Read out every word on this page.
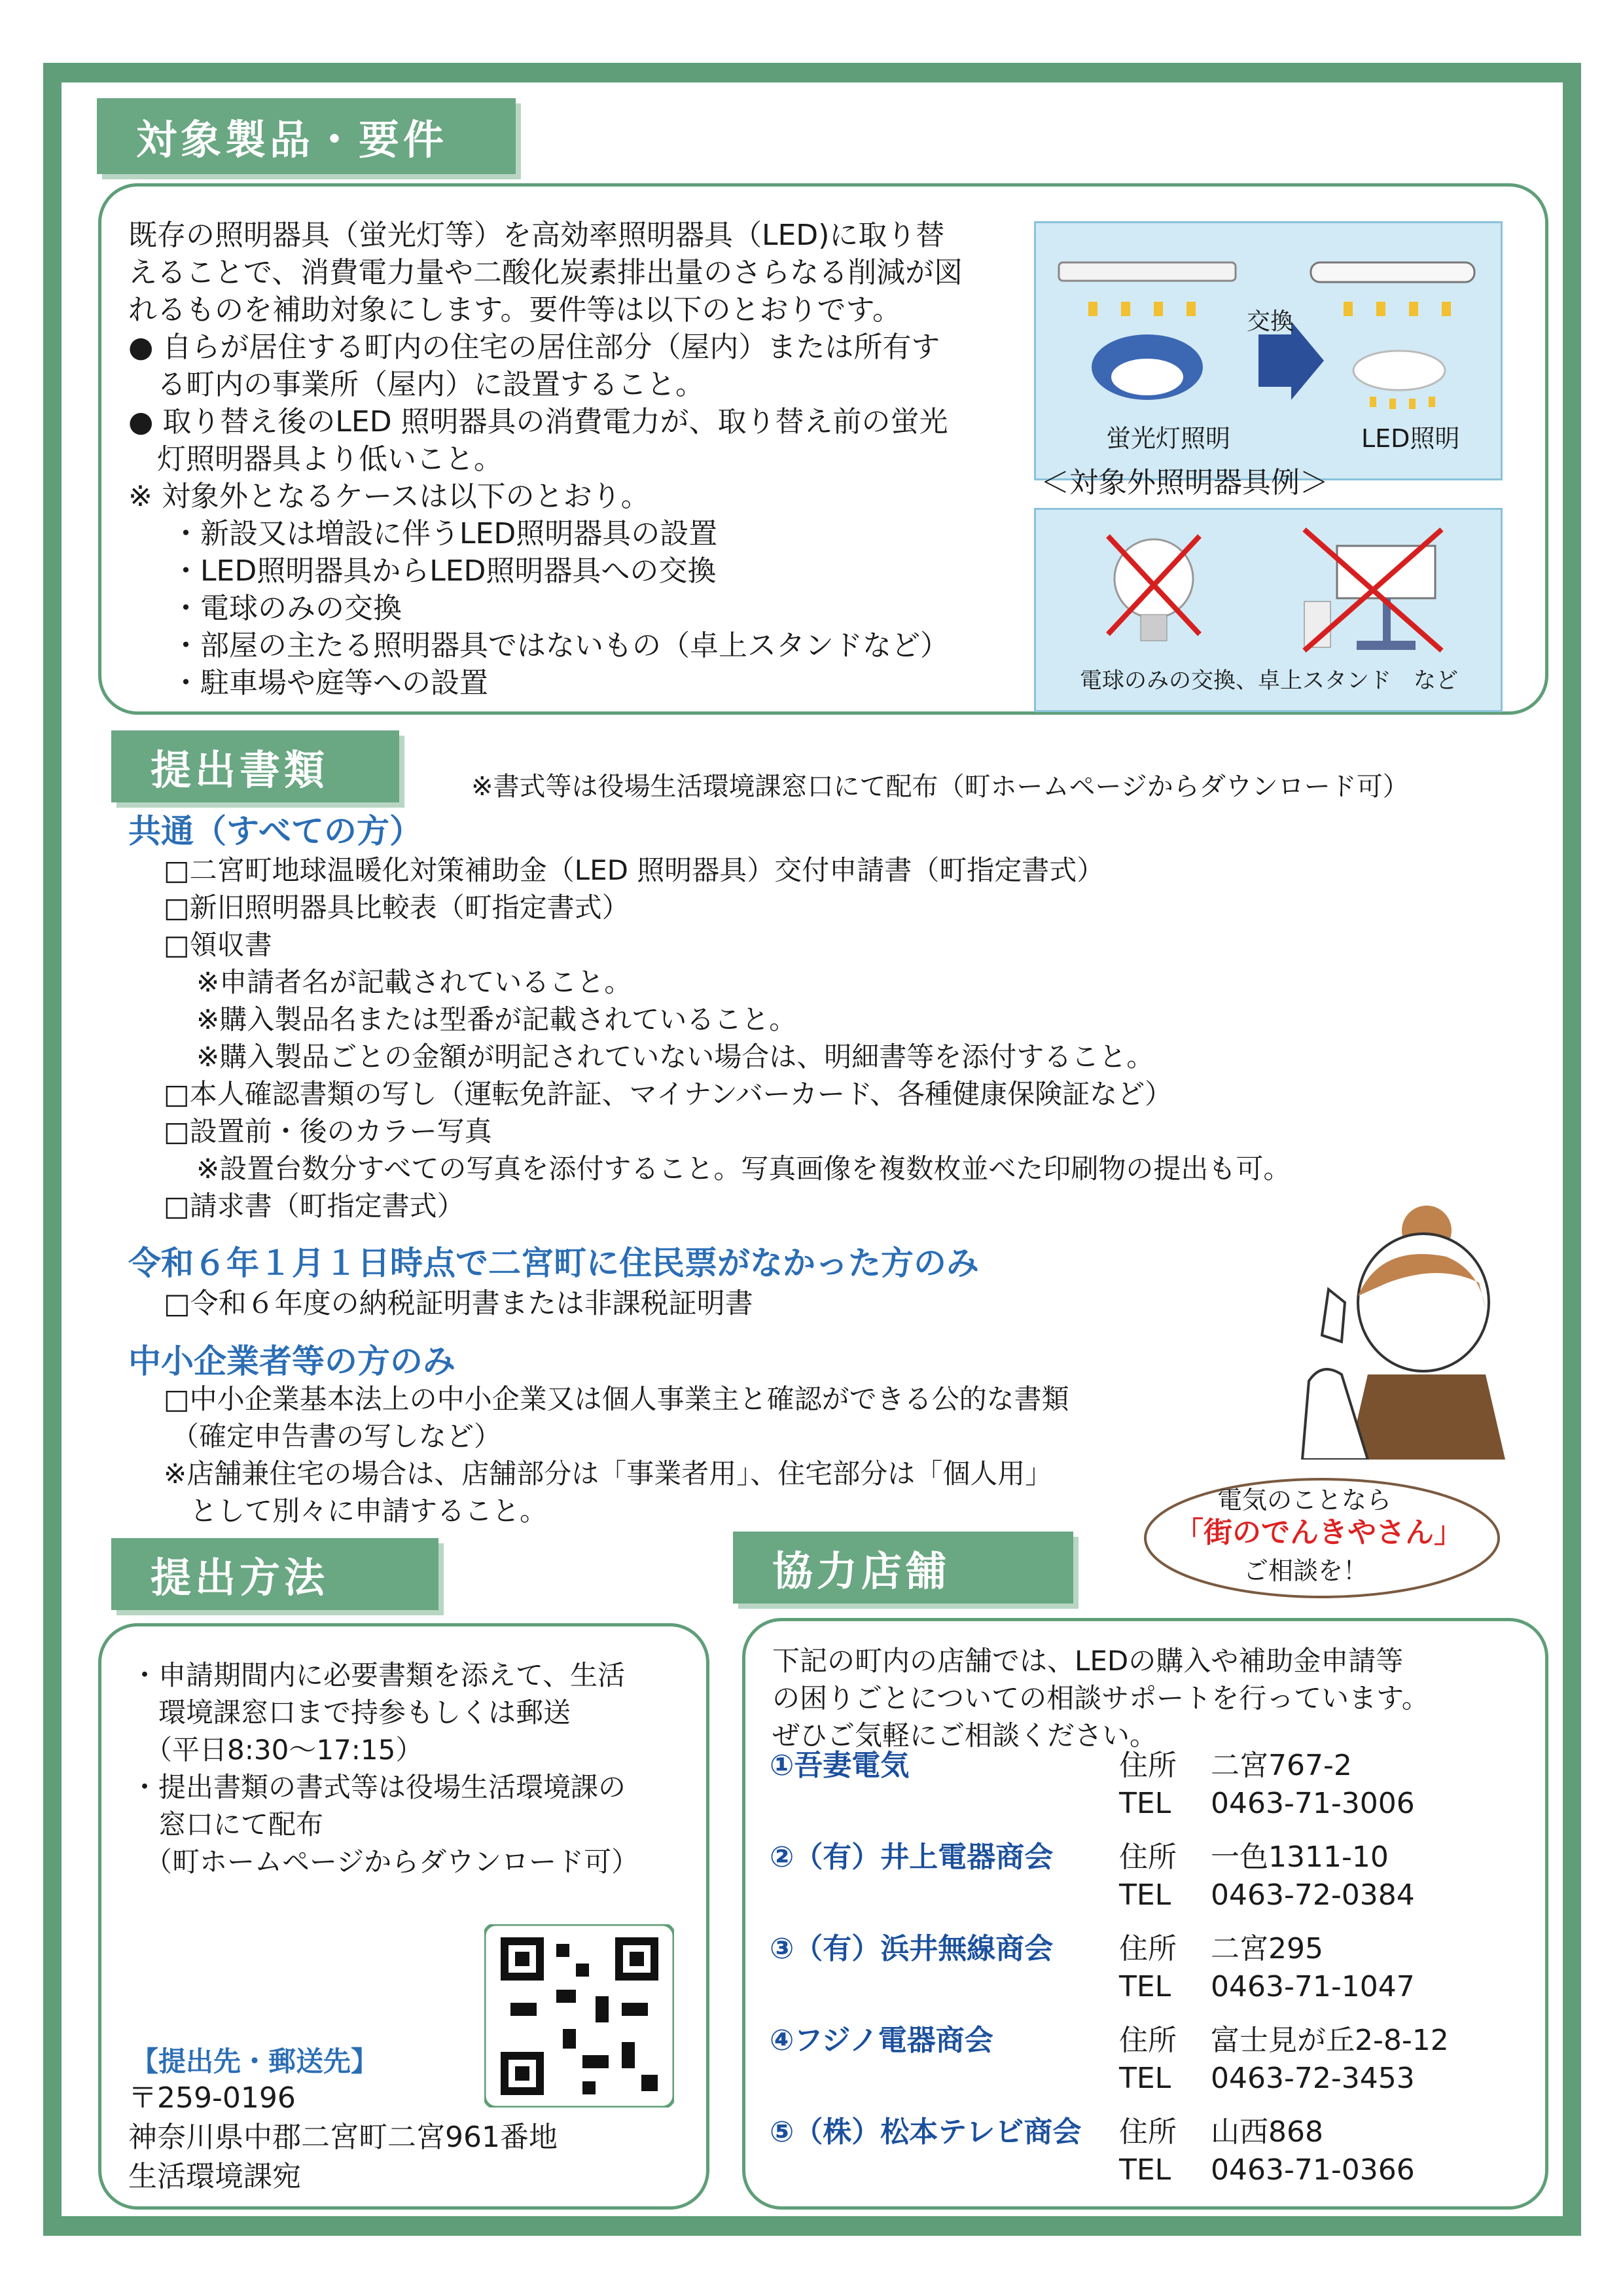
対象製品・要件
既存の照明器具（蛍光灯等）を高効率照明器具（LED)に取り替
えることで、消費電力量や二酸化炭素排出量のさらなる削減が図
れるものを補助対象にします。要件等は以下のとおりです。
● 自らが居住する町内の住宅の居住部分（屋内）または所有す
　る町内の事業所（屋内）に設置すること。
● 取り替え後のLED 照明器具の消費電力が、取り替え前の蛍光
　灯照明器具より低いこと。
※ 対象外となるケースは以下のとおり。
・新設又は増設に伴うLED照明器具の設置
・LED照明器具からLED照明器具への交換
・電球のみの交換
・部屋の主たる照明器具ではないもの（卓上スタンドなど）
・駐車場や庭等への設置
交換
蛍光灯照明	LED照明
＜対象外照明器具例＞
電球のみの交換、卓上スタンド　など
提出書類	※書式等は役場生活環境課窓口にて配布（町ホームページからダウンロード可）
共通（すべての方）
□二宮町地球温暖化対策補助金（LED 照明器具）交付申請書（町指定書式）
□新旧照明器具比較表（町指定書式）
□領収書
※申請者名が記載されていること。
※購入製品名または型番が記載されていること。
※購入製品ごとの金額が明記されていない場合は、明細書等を添付すること。
□本人確認書類の写し（運転免許証、マイナンバーカード、各種健康保険証など）
□設置前・後のカラー写真
※設置台数分すべての写真を添付すること。写真画像を複数枚並べた印刷物の提出も可。
□請求書（町指定書式）
令和６年１月１日時点で二宮町に住民票がなかった方のみ
□令和６年度の納税証明書または非課税証明書
中小企業者等の方のみ
□中小企業基本法上の中小企業又は個人事業主と確認ができる公的な書類
（確定申告書の写しなど）
※店舗兼住宅の場合は、店舗部分は「事業者用」、住宅部分は「個人用」
として別々に申請すること。	電気のことなら
「街のでんきやさん」
ご相談を！
提出方法
・申請期間内に必要書類を添えて、生活
　環境課窓口まで持参もしくは郵送
　（平日8:30～17:15）
・提出書類の書式等は役場生活環境課の
　窓口にて配布
　（町ホームページからダウンロード可）
【提出先・郵送先】
〒259-0196
神奈川県中郡二宮町二宮961番地
生活環境課宛
協力店舗
下記の町内の店舗では、LEDの購入や補助金申請等
の困りごとについての相談サポートを行っています。
ぜひご気軽にご相談ください。
①吾妻電気	住所 二宮767-2
TEL 0463-71-3006
②（有）井上電器商会 住所 一色1311-10
TEL 0463-72-0384
③（有）浜井無線商会 住所 二宮295
TEL 0463-71-1047
④フジノ電器商会	住所 富士見が丘2-8-12
TEL 0463-72-3453
⑤（株）松本テレビ商会 住所 山西868
TEL 0463-71-0366
